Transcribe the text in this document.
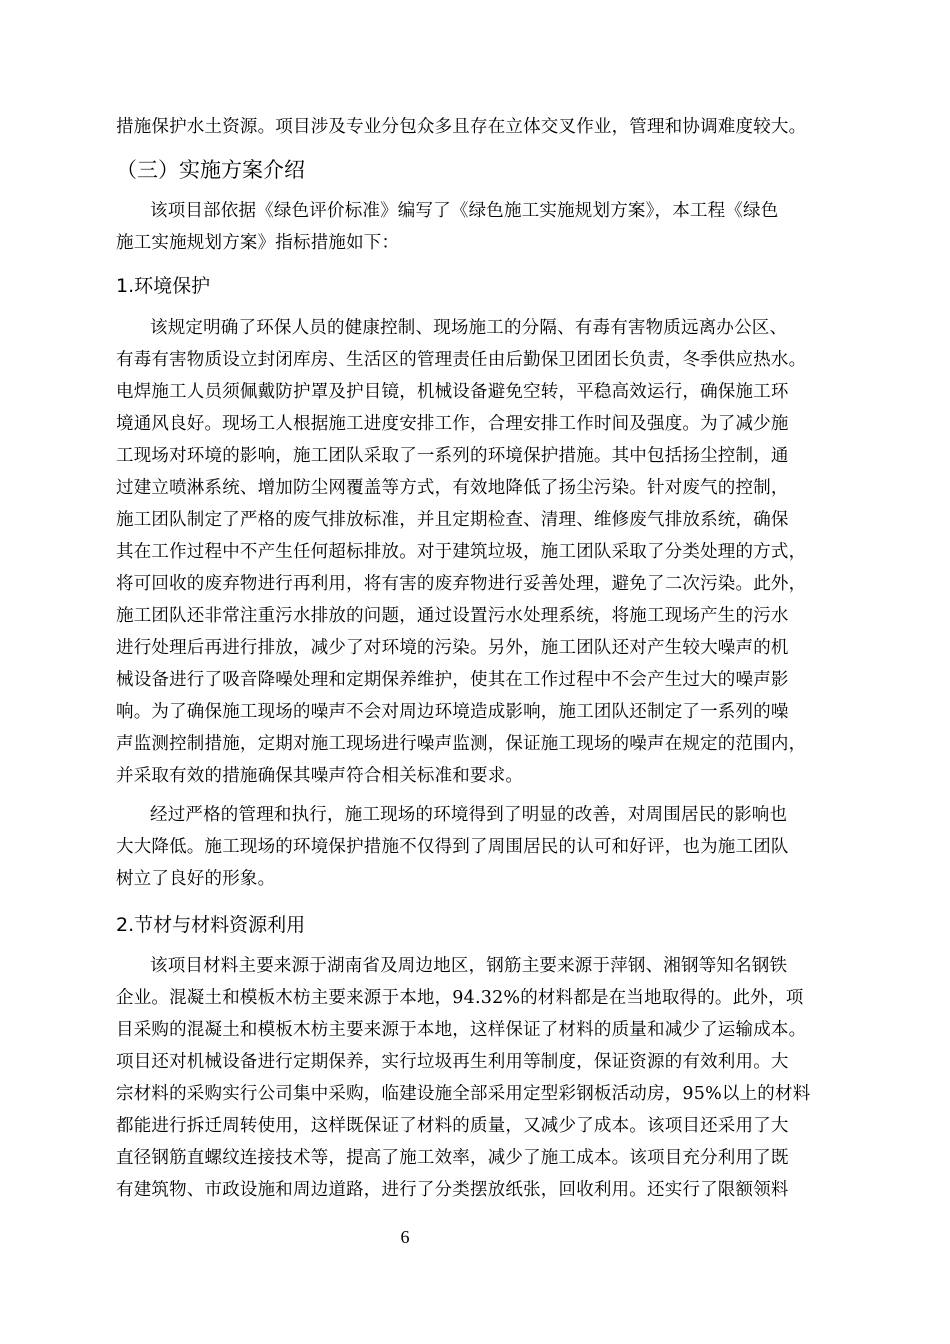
措施保护水土资源。项目涉及专业分包众多且存在立体交叉作业，管理和协调难度较大。
（三）实施方案介绍
该项目部依据《绿色评价标准》编写了《绿色施工实施规划方案》，本工程《绿色
施工实施规划方案》指标措施如下：
1.环境保护
该规定明确了环保人员的健康控制、现场施工的分隔、有毒有害物质远离办公区、
有毒有害物质设立封闭库房、生活区的管理责任由后勤保卫团团长负责，冬季供应热水。
电焊施工人员须佩戴防护罩及护目镜，机械设备避免空转，平稳高效运行，确保施工环
境通风良好。现场工人根据施工进度安排工作，合理安排工作时间及强度。为了减少施
工现场对环境的影响，施工团队采取了一系列的环境保护措施。其中包括扬尘控制，通
过建立喷淋系统、增加防尘网覆盖等方式，有效地降低了扬尘污染。针对废气的控制，
施工团队制定了严格的废气排放标准，并且定期检查、清理、维修废气排放系统，确保
其在工作过程中不产生任何超标排放。对于建筑垃圾，施工团队采取了分类处理的方式，
将可回收的废弃物进行再利用，将有害的废弃物进行妥善处理，避免了二次污染。此外，
施工团队还非常注重污水排放的问题，通过设置污水处理系统，将施工现场产生的污水
进行处理后再进行排放，减少了对环境的污染。另外，施工团队还对产生较大噪声的机
械设备进行了吸音降噪处理和定期保养维护，使其在工作过程中不会产生过大的噪声影
响。为了确保施工现场的噪声不会对周边环境造成影响，施工团队还制定了一系列的噪
声监测控制措施，定期对施工现场进行噪声监测，保证施工现场的噪声在规定的范围内，
并采取有效的措施确保其噪声符合相关标准和要求。
经过严格的管理和执行，施工现场的环境得到了明显的改善，对周围居民的影响也
大大降低。施工现场的环境保护措施不仅得到了周围居民的认可和好评，也为施工团队
树立了良好的形象。
2.节材与材料资源利用
该项目材料主要来源于湖南省及周边地区，钢筋主要来源于萍钢、湘钢等知名钢铁
企业。混凝土和模板木枋主要来源于本地，94.32%的材料都是在当地取得的。此外，项
目采购的混凝土和模板木枋主要来源于本地，这样保证了材料的质量和减少了运输成本。
项目还对机械设备进行定期保养，实行垃圾再生利用等制度，保证资源的有效利用。大
宗材料的采购实行公司集中采购，临建设施全部采用定型彩钢板活动房，95%以上的材料
都能进行拆迁周转使用，这样既保证了材料的质量，又减少了成本。该项目还采用了大
直径钢筋直螺纹连接技术等，提高了施工效率，减少了施工成本。该项目充分利用了既
有建筑物、市政设施和周边道路，进行了分类摆放纸张，回收利用。还实行了限额领料
6
